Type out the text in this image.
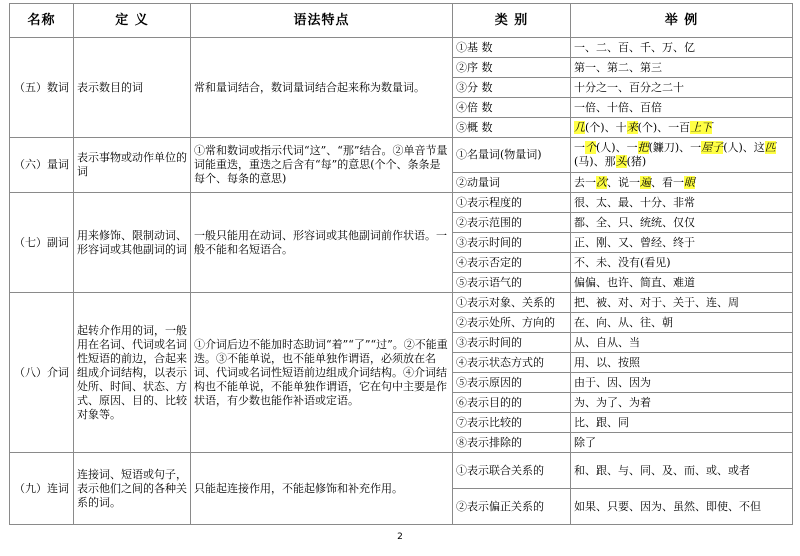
名称	定 义	语法特点	类 别	举 例
（五）数词	表示数目的词	常和量词结合，数词量词结合起来称为数量词。	①基 数	一、二、百、千、万、亿
			②序 数	第一、第二、第三
			③分 数	十分之一、百分之二十
			④倍 数	一倍、十倍、百倍
			⑤概 数	几(个)、十来(个)、一百上下
（六）量词	表示事物或动作单位的词	①常和数词或指示代词“这”、“那”结合。②单音节量词能重迭，重迭之后含有“每”的意思(个个、条条是每个、每条的意思)	①名量词(物量词)	一个(人)、一把(鐮刀)、一屋子(人)、这匹(马)、那头(猪)
			②动量词	去一次、说一遍、看一眼
（七）副词	用来修饰、限制动词、形容词或其他副词的词	一般只能用在动词、形容词或其他副词前作状语。一般不能和名短语合。	①表示程度的	很、太、最、十分、非常
			②表示范围的	都、全、只、统统、仅仅
			③表示时间的	正、刚、又、曾经、终于
			④表示否定的	不、未、没有(看见)
			⑤表示语气的	偏偏、也许、简直、难道
（八）介词	起转介作用的词，一般用在名词、代词或名词性短语的前边，合起来组成介词结构，以表示处所、时间、状态、方式、原因、目的、比较对象等。	①介词后边不能加时态助词“着”“了”“过”。②不能重迭。③不能单说，也不能单独作谓语，必须放在名词、代词或名词性短语前边组成介词结构。④介词结构也不能单说，不能单独作谓语，它在句中主要是作状语，有少数也能作补语或定语。	①表示对象、关系的	把、被、对、对于、关于、连、周
			②表示处所、方向的	在、向、从、往、朝
			③表示时间的	从、自从、当
			④表示状态方式的	用、以、按照
			⑤表示原因的	由于、因、因为
			⑥表示目的的	为、为了、为着
			⑦表示比较的	比、跟、同
			⑧表示排除的	除了
（九）连词	连接词、短语或句子，表示他们之间的各种关系的词。	只能起连接作用，不能起修饰和补充作用。	①表示联合关系的	和、跟、与、同、及、而、或、或者
			②表示偏正关系的	如果、只要、因为、虽然、即使、不但
2
